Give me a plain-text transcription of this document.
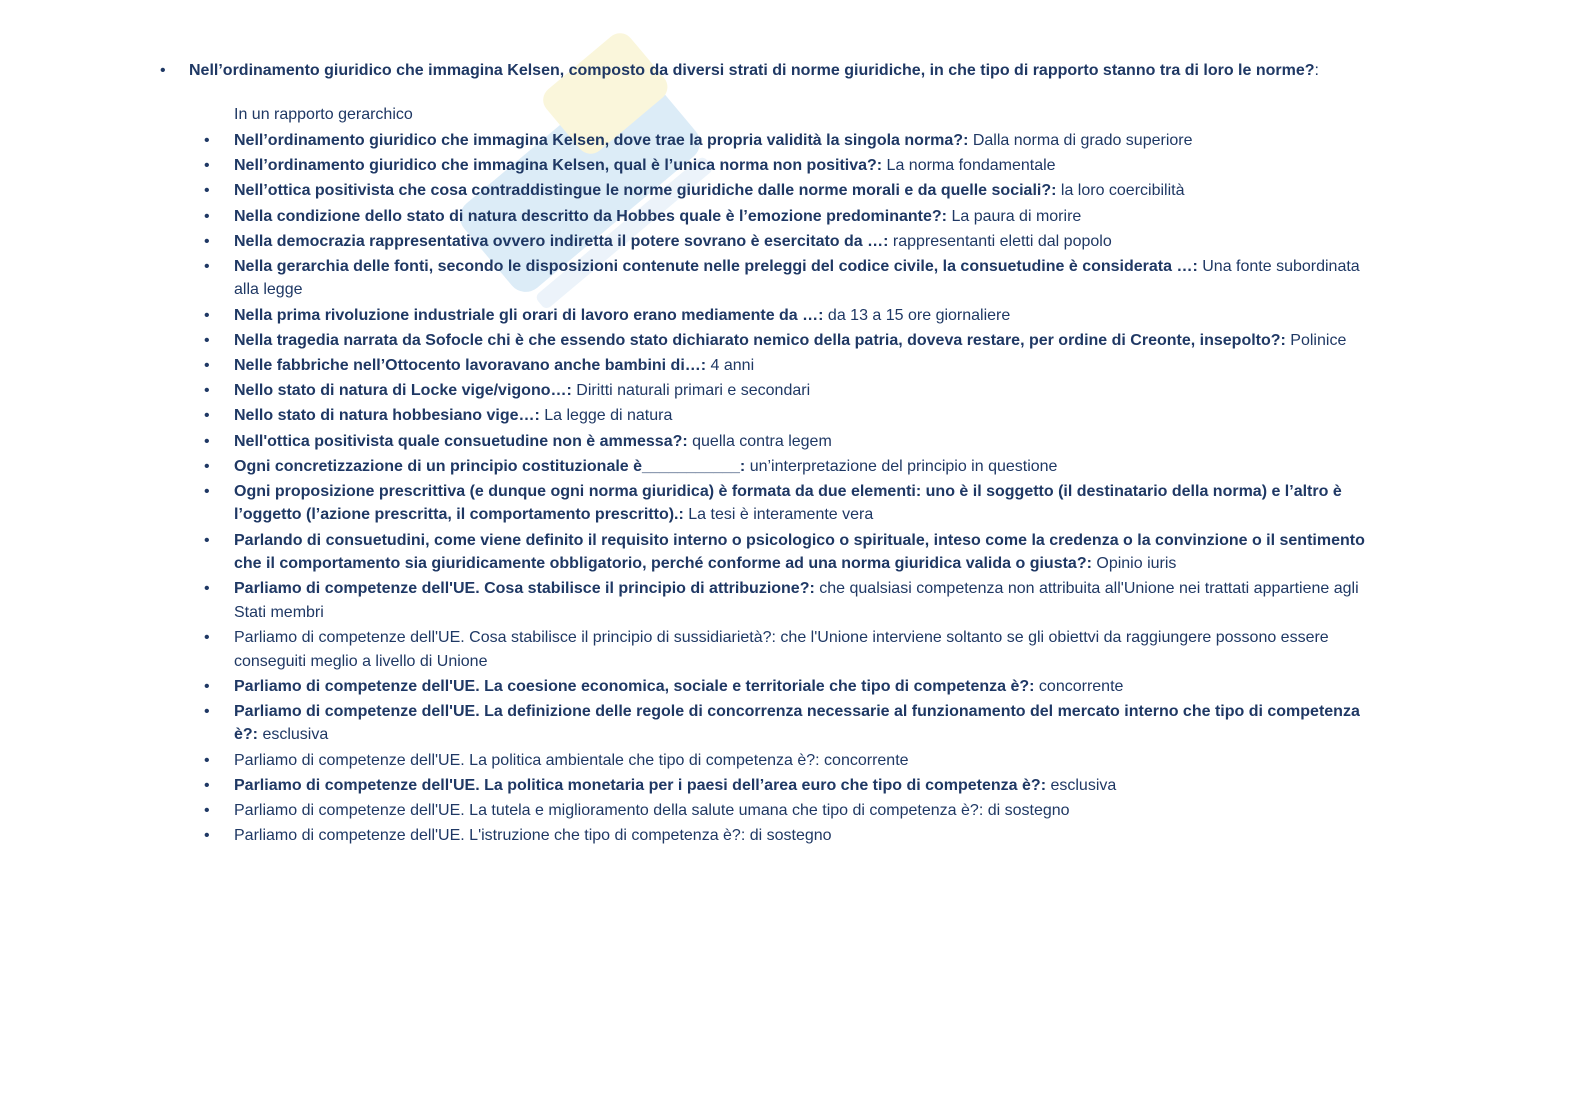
• Nell’ordinamento giuridico che immagina Kelsen, composto da diversi strati di norme giuridiche, in che tipo di rapporto stanno tra di loro le norme?:
In un rapporto gerarchico
• Nell’ordinamento giuridico che immagina Kelsen, dove trae la propria validità la singola norma?: Dalla norma di grado superiore
• Nell’ordinamento giuridico che immagina Kelsen, qual è l’unica norma non positiva?: La norma fondamentale
• Nell’ottica positivista che cosa contraddistingue le norme giuridiche dalle norme morali e da quelle sociali?: la loro coercibilità
• Nella condizione dello stato di natura descritto da Hobbes quale è l’emozione predominante?: La paura di morire
• Nella democrazia rappresentativa ovvero indiretta il potere sovrano è esercitato da …: rappresentanti eletti dal popolo
• Nella gerarchia delle fonti, secondo le disposizioni contenute nelle preleggi del codice civile, la consuetudine è considerata …: Una fonte subordinata alla legge
• Nella prima rivoluzione industriale gli orari di lavoro erano mediamente da …: da 13 a 15 ore giornaliere
• Nella tragedia narrata da Sofocle chi è che essendo stato dichiarato nemico della patria, doveva restare, per ordine di Creonte, insepolto?: Polinice
• Nelle fabbriche nell’Ottocento lavoravano anche bambini di…: 4 anni
• Nello stato di natura di Locke vige/vigono…: Diritti naturali primari e secondari
• Nello stato di natura hobbesiano vige…: La legge di natura
• Nell'ottica positivista quale consuetudine non è ammessa?: quella contra legem
• Ogni concretizzazione di un principio costituzionale è___________: un’interpretazione del principio in questione
• Ogni proposizione prescrittiva (e dunque ogni norma giuridica) è formata da due elementi: uno è il soggetto (il destinatario della norma) e l’altro è l’oggetto (l’azione prescritta, il comportamento prescritto).: La tesi è interamente vera
• Parlando di consuetudini, come viene definito il requisito interno o psicologico o spirituale, inteso come la credenza o la convinzione o il sentimento che il comportamento sia giuridicamente obbligatorio, perché conforme ad una norma giuridica valida o giusta?: Opinio iuris
• Parliamo di competenze dell'UE. Cosa stabilisce il principio di attribuzione?: che qualsiasi competenza non attribuita all'Unione nei trattati appartiene agli Stati membri
• Parliamo di competenze dell'UE. Cosa stabilisce il principio di sussidiarietà?: che l'Unione interviene soltanto se gli obiettvi da raggiungere possono essere conseguiti meglio a livello di Unione
• Parliamo di competenze dell'UE. La coesione economica, sociale e territoriale che tipo di competenza è?: concorrente
• Parliamo di competenze dell'UE. La definizione delle regole di concorrenza necessarie al funzionamento del mercato interno che tipo di competenza è?: esclusiva
• Parliamo di competenze dell'UE. La politica ambientale che tipo di competenza è?: concorrente
• Parliamo di competenze dell'UE. La politica monetaria per i paesi dell’area euro che tipo di competenza è?: esclusiva
• Parliamo di competenze dell'UE. La tutela e miglioramento della salute umana che tipo di competenza è?: di sostegno
• Parliamo di competenze dell'UE. L'istruzione che tipo di competenza è?: di sostegno
